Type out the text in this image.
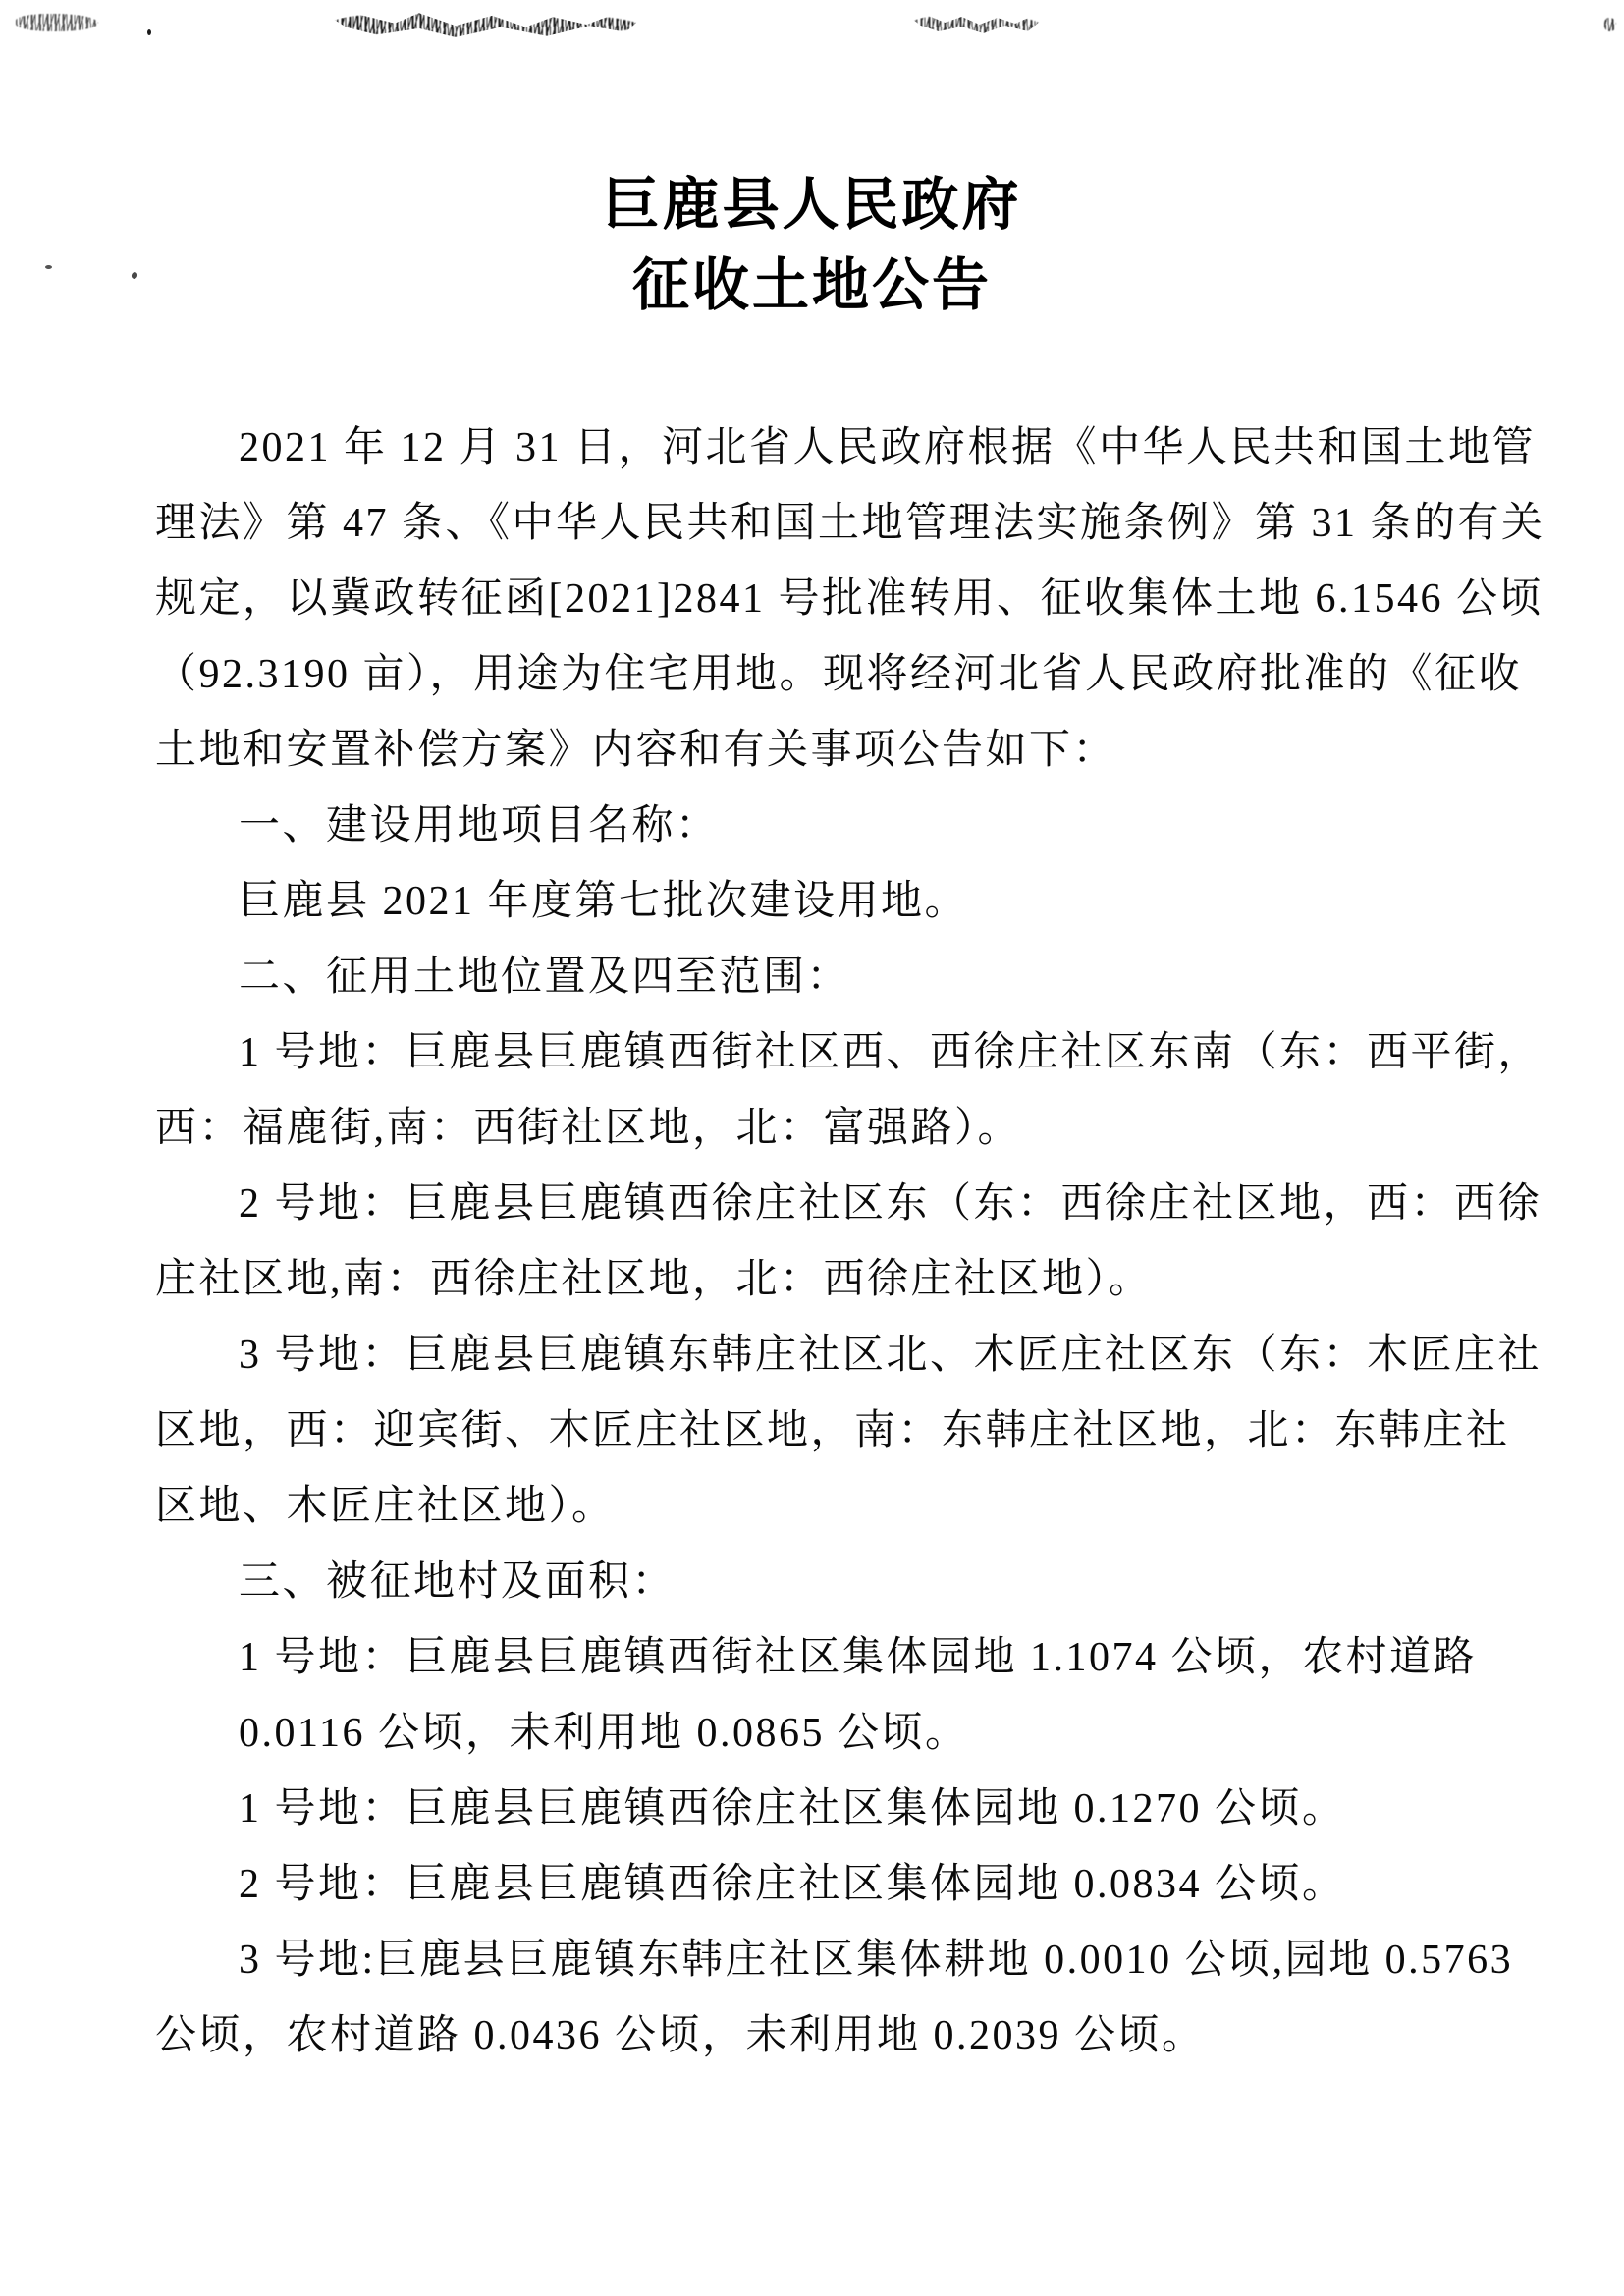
巨鹿县人民政府
征收土地公告
2021 年 12 月 31 日，河北省人民政府根据《中华人民共和国土地管
理法》第 47 条、《中华人民共和国土地管理法实施条例》第 31 条的有关
规定，以冀政转征函[2021]2841 号批准转用、征收集体土地 6.1546 公顷
（92.3190 亩），用途为住宅用地。现将经河北省人民政府批准的《征收
土地和安置补偿方案》内容和有关事项公告如下：
一、建设用地项目名称：
巨鹿县 2021 年度第七批次建设用地。
二、征用土地位置及四至范围：
1 号地：巨鹿县巨鹿镇西街社区西、西徐庄社区东南（东：西平街，
西：福鹿街,南：西街社区地，北：富强路）。
2 号地：巨鹿县巨鹿镇西徐庄社区东（东：西徐庄社区地，西：西徐
庄社区地,南：西徐庄社区地，北：西徐庄社区地）。
3 号地：巨鹿县巨鹿镇东韩庄社区北、木匠庄社区东（东：木匠庄社
区地，西：迎宾街、木匠庄社区地，南：东韩庄社区地，北：东韩庄社
区地、木匠庄社区地）。
三、被征地村及面积：
1 号地：巨鹿县巨鹿镇西街社区集体园地 1.1074 公顷，农村道路
0.0116 公顷，未利用地 0.0865 公顷。
1 号地：巨鹿县巨鹿镇西徐庄社区集体园地 0.1270 公顷。
2 号地：巨鹿县巨鹿镇西徐庄社区集体园地 0.0834 公顷。
3 号地:巨鹿县巨鹿镇东韩庄社区集体耕地 0.0010 公顷,园地 0.5763
公顷，农村道路 0.0436 公顷，未利用地 0.2039 公顷。
